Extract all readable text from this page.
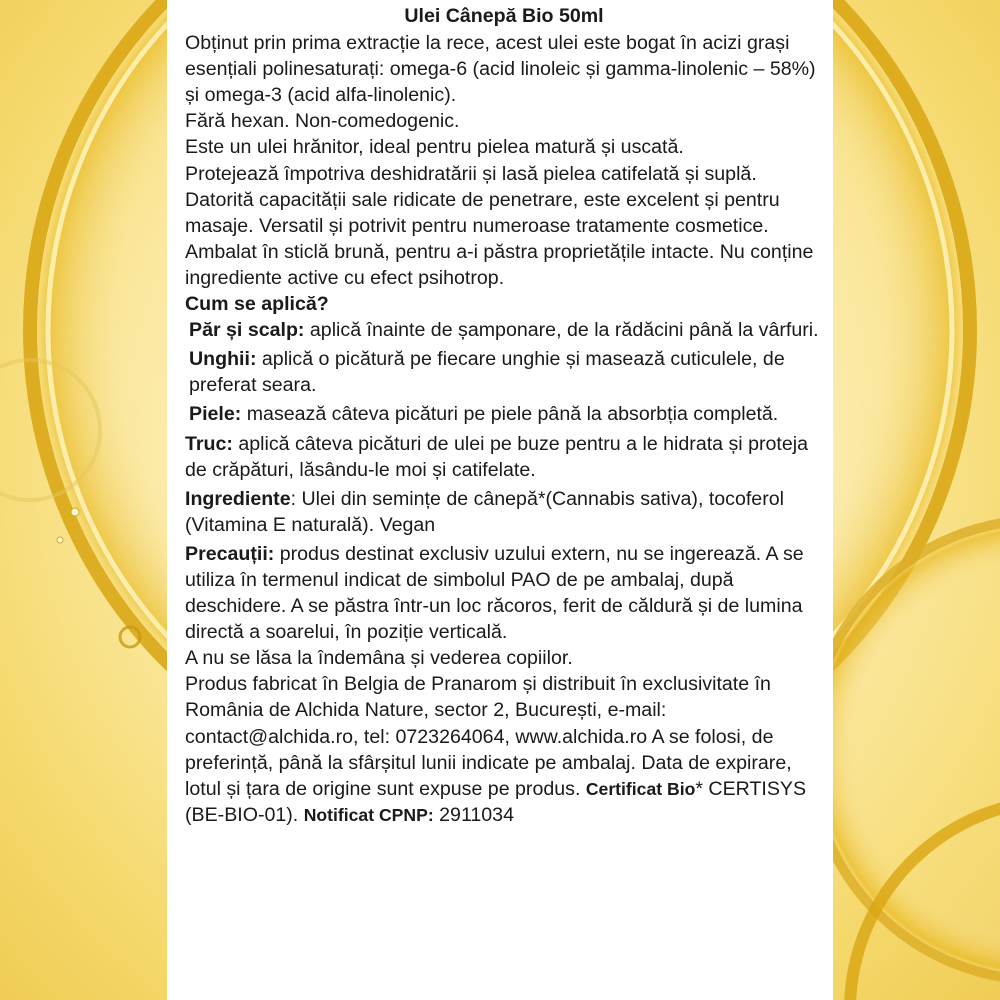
Ulei Cânepă Bio 50ml

Obținut prin prima extracție la rece, acest ulei este bogat în acizi grași esențiali polinesaturați: omega-6 (acid linoleic și gamma-linolenic – 58%) și omega-3 (acid alfa-linolenic).

Fără hexan. Non-comedogenic.

Este un ulei hrănitor, ideal pentru pielea matură și uscată.

Protejează împotriva deshidratării și lasă pielea catifelată și suplă.

Datorită capacității sale ridicate de penetrare, este excelent și pentru masaje. Versatil și potrivit pentru numeroase tratamente cosmetice.

Ambalat în sticlă brună, pentru a-i păstra proprietățile intacte. Nu conține ingrediente active cu efect psihotrop.

Cum se aplică?

Păr și scalp: aplică înainte de șamponare, de la rădăcini până la vârfuri.

Unghii: aplică o picătură pe fiecare unghie și masează cuticulele, de preferat seara.

Piele: masează câteva picături pe piele până la absorbția completă.

Truc: aplică câteva picături de ulei pe buze pentru a le hidrata și proteja de crăpături, lăsându-le moi și catifelate.

Ingrediente: Ulei din semințe de cânepă*(Cannabis sativa), tocoferol (Vitamina E naturală). Vegan

Precauții: produs destinat exclusiv uzului extern, nu se ingerează. A se utiliza în termenul indicat de simbolul PAO de pe ambalaj, după deschidere. A se păstra într-un loc răcoros, ferit de căldură și de lumina directă a soarelui, în poziție verticală.

A nu se lăsa la îndemâna și vederea copiilor.

Produs fabricat în Belgia de Pranarom și distribuit în exclusivitate în România de Alchida Nature, sector 2, București, e-mail: contact@alchida.ro, tel: 0723264064, www.alchida.ro A se folosi, de preferință, până la sfârșitul lunii indicate pe ambalaj. Data de expirare, lotul și țara de origine sunt expuse pe produs. Certificat Bio* CERTISYS (BE-BIO-01). Notificat CPNP: 2911034
